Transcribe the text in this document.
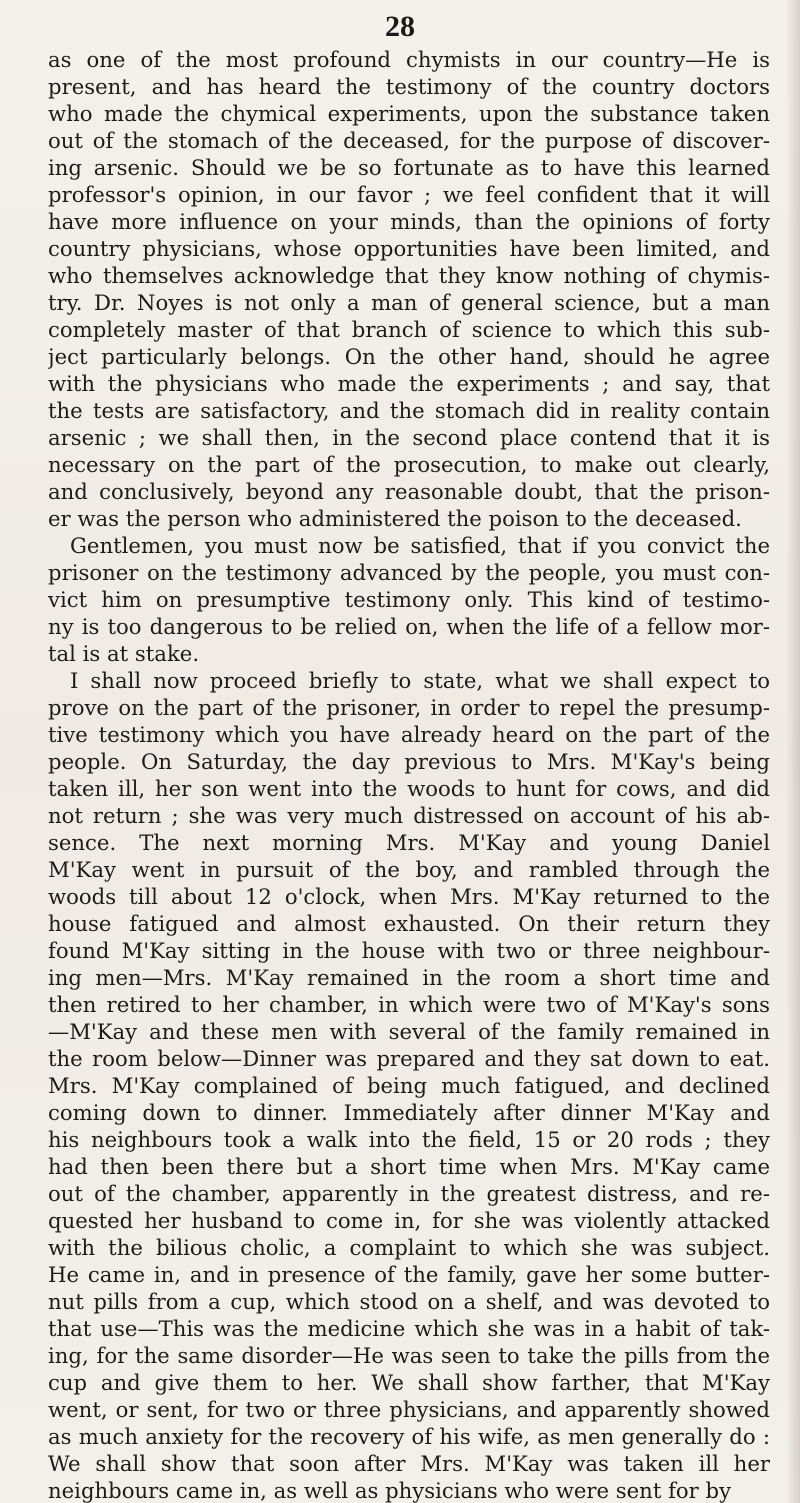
28
as one of the most profound chymists in our country—He is
present, and has heard the testimony of the country doctors
who made the chymical experiments, upon the substance taken
out of the stomach of the deceased, for the purpose of discover-
ing arsenic. Should we be so fortunate as to have this learned
professor's opinion, in our favor ; we feel confident that it will
have more influence on your minds, than the opinions of forty
country physicians, whose opportunities have been limited, and
who themselves acknowledge that they know nothing of chymis-
try. Dr. Noyes is not only a man of general science, but a man
completely master of that branch of science to which this sub-
ject particularly belongs. On the other hand, should he agree
with the physicians who made the experiments ; and say, that
the tests are satisfactory, and the stomach did in reality contain
arsenic ; we shall then, in the second place contend that it is
necessary on the part of the prosecution, to make out clearly,
and conclusively, beyond any reasonable doubt, that the prison-
er was the person who administered the poison to the deceased.
Gentlemen, you must now be satisfied, that if you convict the
prisoner on the testimony advanced by the people, you must con-
vict him on presumptive testimony only. This kind of testimo-
ny is too dangerous to be relied on, when the life of a fellow mor-
tal is at stake.
I shall now proceed briefly to state, what we shall expect to
prove on the part of the prisoner, in order to repel the presump-
tive testimony which you have already heard on the part of the
people. On Saturday, the day previous to Mrs. M'Kay's being
taken ill, her son went into the woods to hunt for cows, and did
not return ; she was very much distressed on account of his ab-
sence. The next morning Mrs. M'Kay and young Daniel
M'Kay went in pursuit of the boy, and rambled through the
woods till about 12 o'clock, when Mrs. M'Kay returned to the
house fatigued and almost exhausted. On their return they
found M'Kay sitting in the house with two or three neighbour-
ing men—Mrs. M'Kay remained in the room a short time and
then retired to her chamber, in which were two of M'Kay's sons
—M'Kay and these men with several of the family remained in
the room below—Dinner was prepared and they sat down to eat.
Mrs. M'Kay complained of being much fatigued, and declined
coming down to dinner. Immediately after dinner M'Kay and
his neighbours took a walk into the field, 15 or 20 rods ; they
had then been there but a short time when Mrs. M'Kay came
out of the chamber, apparently in the greatest distress, and re-
quested her husband to come in, for she was violently attacked
with the bilious cholic, a complaint to which she was subject.
He came in, and in presence of the family, gave her some butter-
nut pills from a cup, which stood on a shelf, and was devoted to
that use—This was the medicine which she was in a habit of tak-
ing, for the same disorder—He was seen to take the pills from the
cup and give them to her. We shall show farther, that M'Kay
went, or sent, for two or three physicians, and apparently showed
as much anxiety for the recovery of his wife, as men generally do :
We shall show that soon after Mrs. M'Kay was taken ill her
neighbours came in, as well as physicians who were sent for by
